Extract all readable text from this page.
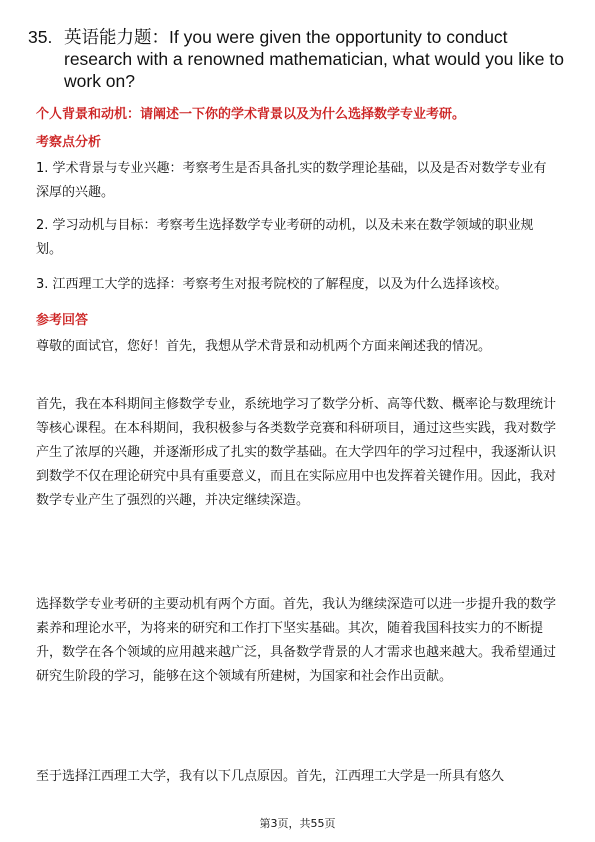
35. 英语能力题：If you were given the opportunity to conduct research with a renowned mathematician, what would you like to work on?
个人背景和动机：请阐述一下你的学术背景以及为什么选择数学专业考研。
考察点分析
1. 学术背景与专业兴趣：考察考生是否具备扎实的数学理论基础，以及是否对数学专业有深厚的兴趣。
2. 学习动机与目标：考察考生选择数学专业考研的动机，以及未来在数学领域的职业规划。
3. 江西理工大学的选择：考察考生对报考院校的了解程度，以及为什么选择该校。
参考回答
尊敬的面试官，您好！首先，我想从学术背景和动机两个方面来阐述我的情况。
首先，我在本科期间主修数学专业，系统地学习了数学分析、高等代数、概率论与数理统计等核心课程。在本科期间，我积极参与各类数学竞赛和科研项目，通过这些实践，我对数学产生了浓厚的兴趣，并逐渐形成了扎实的数学基础。在大学四年的学习过程中，我逐渐认识到数学不仅在理论研究中具有重要意义，而且在实际应用中也发挥着关键作用。因此，我对数学专业产生了强烈的兴趣，并决定继续深造。
选择数学专业考研的主要动机有两个方面。首先，我认为继续深造可以进一步提升我的数学素养和理论水平，为将来的研究和工作打下坚实基础。其次，随着我国科技实力的不断提升，数学在各个领域的应用越来越广泛，具备数学背景的人才需求也越来越大。我希望通过研究生阶段的学习，能够在这个领域有所建树，为国家和社会作出贡献。
至于选择江西理工大学，我有以下几点原因。首先，江西理工大学是一所具有悠久
第3页，共55页
